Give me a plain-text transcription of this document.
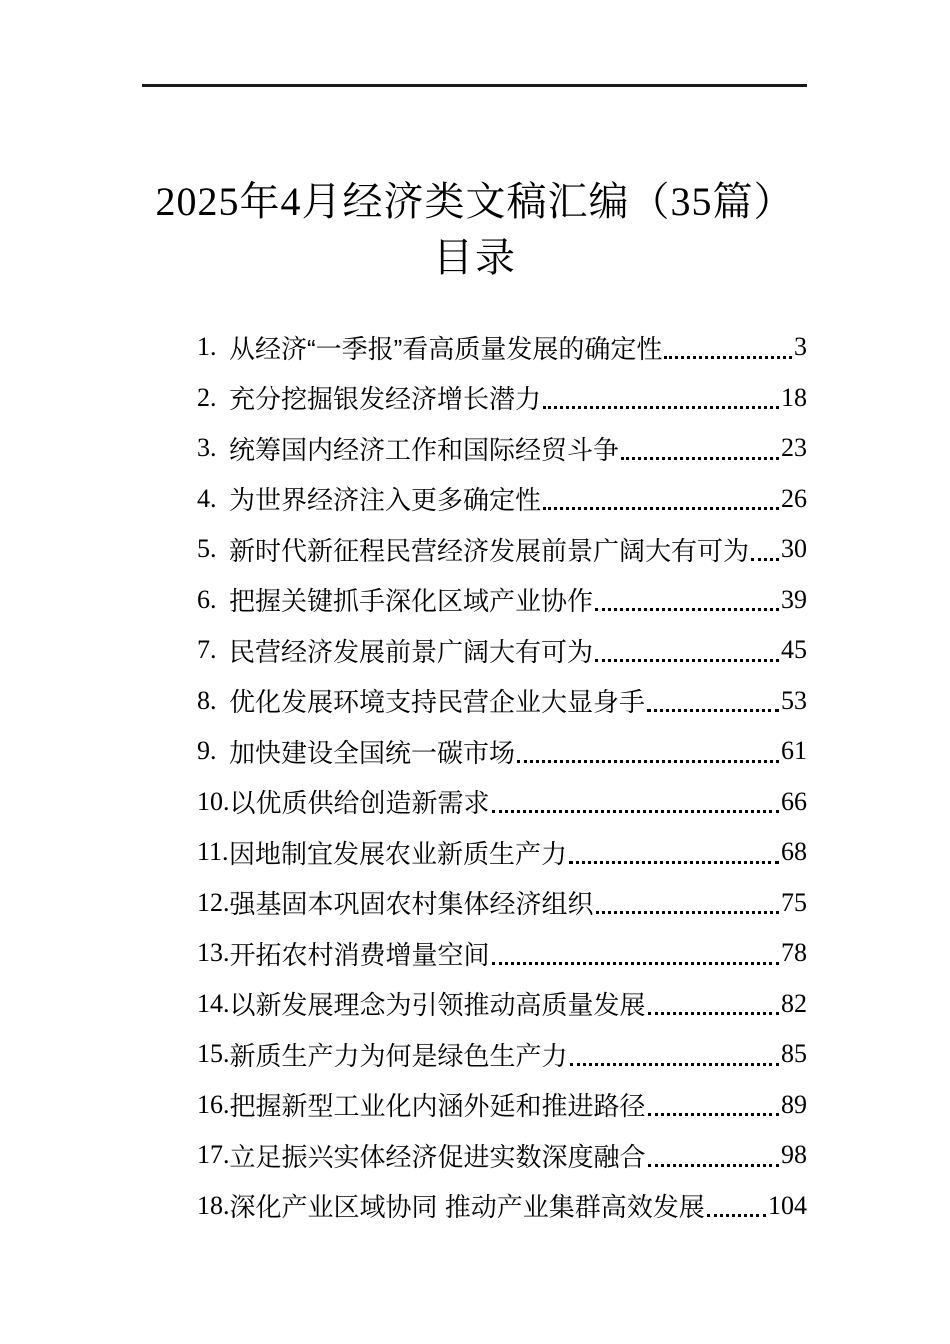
2025年4月经济类文稿汇编（35篇）
目录
1. 从经济“一季报”看高质量发展的确定性	3
2. 充分挖掘银发经济增长潜力	18
3. 统筹国内经济工作和国际经贸斗争	23
4. 为世界经济注入更多确定性	26
5. 新时代新征程民营经济发展前景广阔大有可为 30
6. 把握关键抓手深化区域产业协作	39
7. 民营经济发展前景广阔大有可为	45
8. 优化发展环境支持民营企业大显身手	53
9. 加快建设全国统一碳市场	61
10. 以优质供给创造新需求	66
11. 因地制宜发展农业新质生产力	68
12. 强基固本巩固农村集体经济组织	75
13. 开拓农村消费增量空间	78
14. 以新发展理念为引领推动高质量发展	82
15. 新质生产力为何是绿色生产力	85
16. 把握新型工业化内涵外延和推进路径	89
17. 立足振兴实体经济促进实数深度融合	98
18. 深化产业区域协同 推动产业集群高效发展 104
